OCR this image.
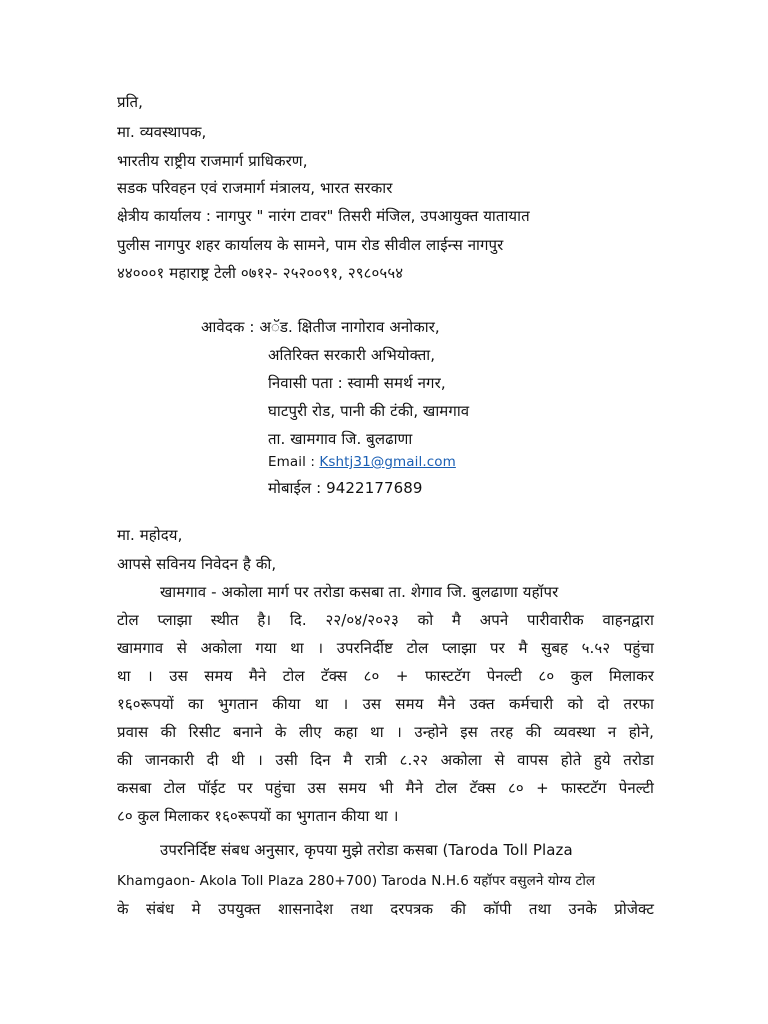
प्रति,
मा. व्यवस्थापक,
भारतीय राष्ट्रीय राजमार्ग प्राधिकरण,
सडक परिवहन एवं राजमार्ग मंत्रालय, भारत सरकार
क्षेत्रीय कार्यालय : नागपुर " नारंग टावर" तिसरी मंजिल, उपआयुक्त यातायात
पुलीस नागपुर शहर कार्यालय के सामने, पाम रोड सीवील लाईन्स नागपुर
४४०००१ महाराष्ट्र टेली ०७१२- २५२००९१, २९८०५५४
आवेदक : अॅड. क्षितीज नागोराव अनोकार,
अतिरिक्त सरकारी अभियोक्ता,
निवासी पता : स्वामी समर्थ नगर,
घाटपुरी रोड, पानी की टंकी, खामगाव
ता. खामगाव जि. बुलढाणा
Email : Kshtj31@gmail.com
मोबाईल : 9422177689
मा. महोदय,
आपसे सविनय निवेदन है की,
खामगाव - अकोला मार्ग पर तरोडा कसबा ता. शेगाव जि. बुलढाणा यहॉपर
टोल प्लाझा स्थीत है। दि. २२/०४/२०२३ को मै अपने पारीवारीक वाहनद्वारा
खामगाव से अकोला गया था । उपरनिर्दीष्ट टोल प्लाझा पर मै सुबह ५.५२ पहुंचा
था । उस समय मैने टोल टॅक्स ८० + फास्टटॅग पेनल्टी ८० कुल मिलाकर
१६०रूपयों का भुगतान कीया था । उस समय मैने उक्त कर्मचारी को दो तरफा
प्रवास की रिसीट बनाने के लीए कहा था । उन्होने इस तरह की व्यवस्था न होने,
की जानकारी दी थी । उसी दिन मै रात्री ८.२२ अकोला से वापस होते हुये तरोडा
कसबा टोल पॉईट पर पहुंचा उस समय भी मैने टोल टॅक्स ८० + फास्टटॅग पेनल्टी
८० कुल मिलाकर १६०रूपयों का भुगतान कीया था ।
उपरनिर्दिष्ट संबध अनुसार, कृपया मुझे तरोडा कसबा (Taroda Toll Plaza
Khamgaon- Akola Toll Plaza 280+700) Taroda N.H.6 यहॉपर वसुलने योग्य टोल
के संबंध मे उपयुक्त शासनादेश तथा दरपत्रक की कॉपी तथा उनके प्रोजेक्ट
